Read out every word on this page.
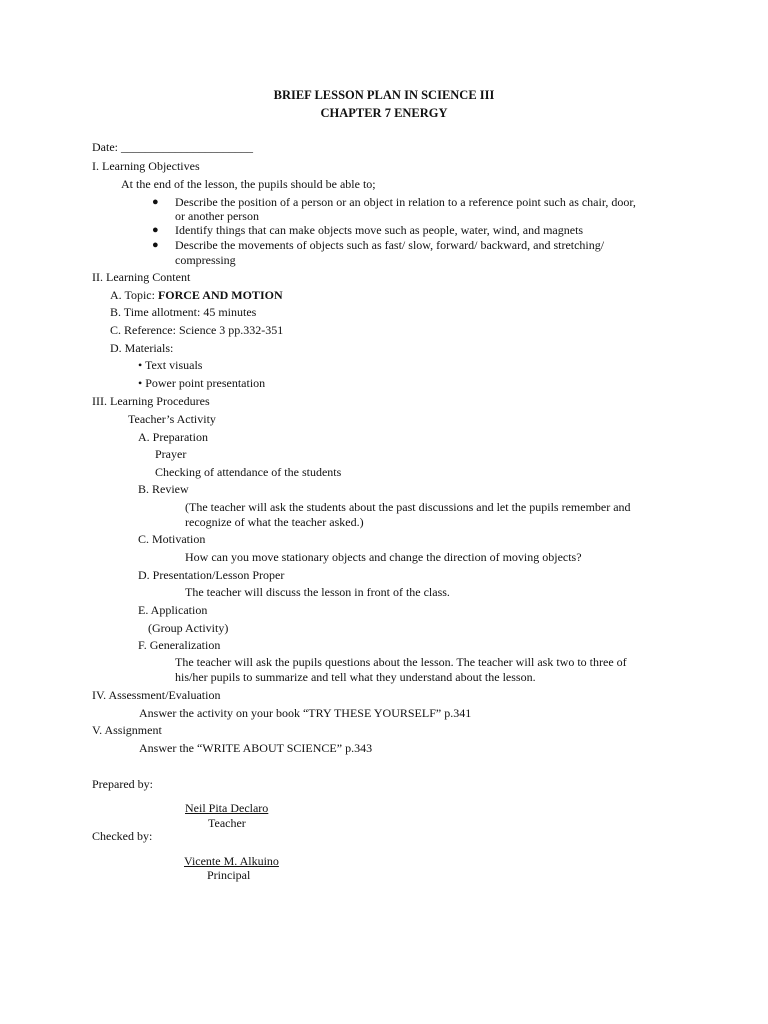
BRIEF LESSON PLAN IN SCIENCE III
CHAPTER 7 ENERGY
Date: ______________________
I. Learning Objectives
At the end of the lesson, the pupils should be able to;
● Describe the position of a person or an object in relation to a reference point such as chair, door,
or another person
● Identify things that can make objects move such as people, water, wind, and magnets
● Describe the movements of objects such as fast/ slow, forward/ backward, and stretching/
compressing
II. Learning Content
A. Topic: FORCE AND MOTION
B. Time allotment: 45 minutes
C. Reference: Science 3 pp.332-351
D. Materials:
• Text visuals
• Power point presentation
III. Learning Procedures
Teacher’s Activity
A. Preparation
Prayer
Checking of attendance of the students
B. Review
(The teacher will ask the students about the past discussions and let the pupils remember and
recognize of what the teacher asked.)
C. Motivation
How can you move stationary objects and change the direction of moving objects?
D. Presentation/Lesson Proper
The teacher will discuss the lesson in front of the class.
E. Application
(Group Activity)
F. Generalization
The teacher will ask the pupils questions about the lesson. The teacher will ask two to three of
his/her pupils to summarize and tell what they understand about the lesson.
IV. Assessment/Evaluation
Answer the activity on your book “TRY THESE YOURSELF” p.341
V. Assignment
Answer the “WRITE ABOUT SCIENCE” p.343
Prepared by:
Neil Pita Declaro
Teacher
Checked by:
Vicente M. Alkuino
Principal
